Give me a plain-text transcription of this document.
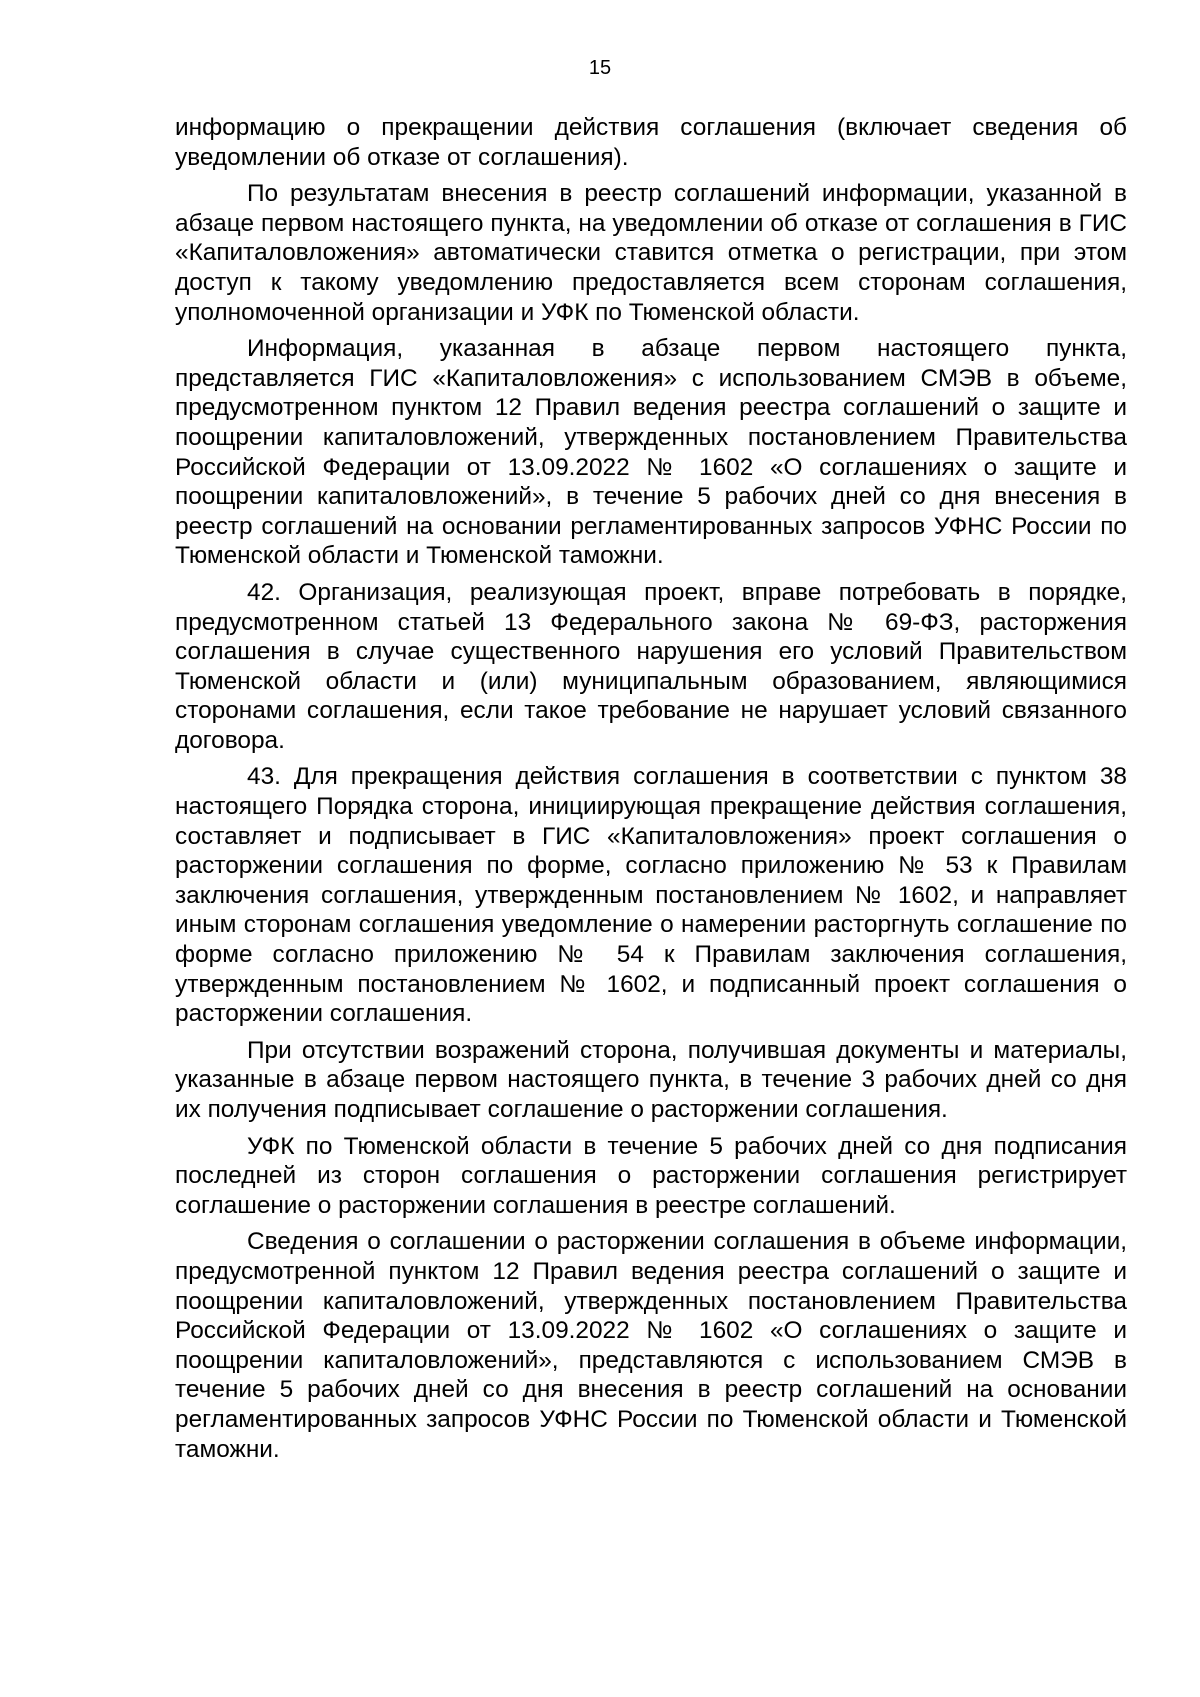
15

информацию о прекращении действия соглашения (включает сведения об уведомлении об отказе от соглашения).

По результатам внесения в реестр соглашений информации, указанной в абзаце первом настоящего пункта, на уведомлении об отказе от соглашения в ГИС «Капиталовложения» автоматически ставится отметка о регистрации, при этом доступ к такому уведомлению предоставляется всем сторонам соглашения, уполномоченной организации и УФК по Тюменской области.

Информация, указанная в абзаце первом настоящего пункта, представляется ГИС «Капиталовложения» с использованием СМЭВ в объеме, предусмотренном пунктом 12 Правил ведения реестра соглашений о защите и поощрении капиталовложений, утвержденных постановлением Правительства Российской Федерации от 13.09.2022 № 1602 «О соглашениях о защите и поощрении капиталовложений», в течение 5 рабочих дней со дня внесения в реестр соглашений на основании регламентированных запросов УФНС России по Тюменской области и Тюменской таможни.

42. Организация, реализующая проект, вправе потребовать в порядке, предусмотренном статьей 13 Федерального закона № 69-ФЗ, расторжения соглашения в случае существенного нарушения его условий Правительством Тюменской области и (или) муниципальным образованием, являющимися сторонами соглашения, если такое требование не нарушает условий связанного договора.

43. Для прекращения действия соглашения в соответствии с пунктом 38 настоящего Порядка сторона, инициирующая прекращение действия соглашения, составляет и подписывает в ГИС «Капиталовложения» проект соглашения о расторжении соглашения по форме, согласно приложению № 53 к Правилам заключения соглашения, утвержденным постановлением № 1602, и направляет иным сторонам соглашения уведомление о намерении расторгнуть соглашение по форме согласно приложению № 54 к Правилам заключения соглашения, утвержденным постановлением № 1602, и подписанный проект соглашения о расторжении соглашения.

При отсутствии возражений сторона, получившая документы и материалы, указанные в абзаце первом настоящего пункта, в течение 3 рабочих дней со дня их получения подписывает соглашение о расторжении соглашения.

УФК по Тюменской области в течение 5 рабочих дней со дня подписания последней из сторон соглашения о расторжении соглашения регистрирует соглашение о расторжении соглашения в реестре соглашений.

Сведения о соглашении о расторжении соглашения в объеме информации, предусмотренной пунктом 12 Правил ведения реестра соглашений о защите и поощрении капиталовложений, утвержденных постановлением Правительства Российской Федерации от 13.09.2022 № 1602 «О соглашениях о защите и поощрении капиталовложений», представляются с использованием СМЭВ в течение 5 рабочих дней со дня внесения в реестр соглашений на основании регламентированных запросов УФНС России по Тюменской области и Тюменской таможни.
